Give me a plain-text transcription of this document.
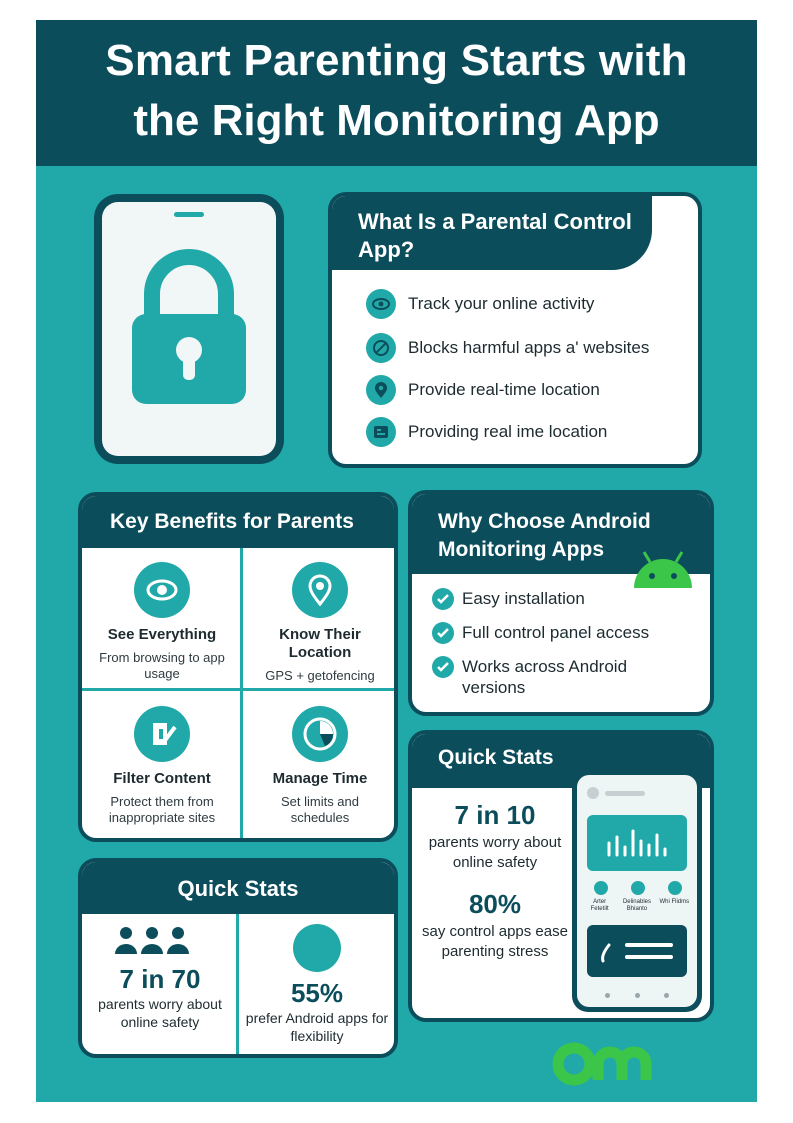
Smart Parenting Starts with
the Right Monitoring App
What Is a Parental Control App?
Track your online activity
Blocks harmful apps a' websites
Provide real-time location
Providing real ime location
Key Benefits for Parents
See Everything
From browsing to app usage
Know Their Location
GPS + getofencing
Filter Content
Protect them from inappropriate sites
Manage Time
Set limits and schedules
Why Choose Android Monitoring Apps
Easy installation
Full control panel access
Works across Android versions
Quick Stats
7 in 10
parents worry about online safety
80%
say control apps ease parenting stress
Arter Fetetilt
Delinables Bhianto
Whi Flidms
Quick Stats
7 in 70
parents worry about online safety
55%
prefer Android apps for flexibility
